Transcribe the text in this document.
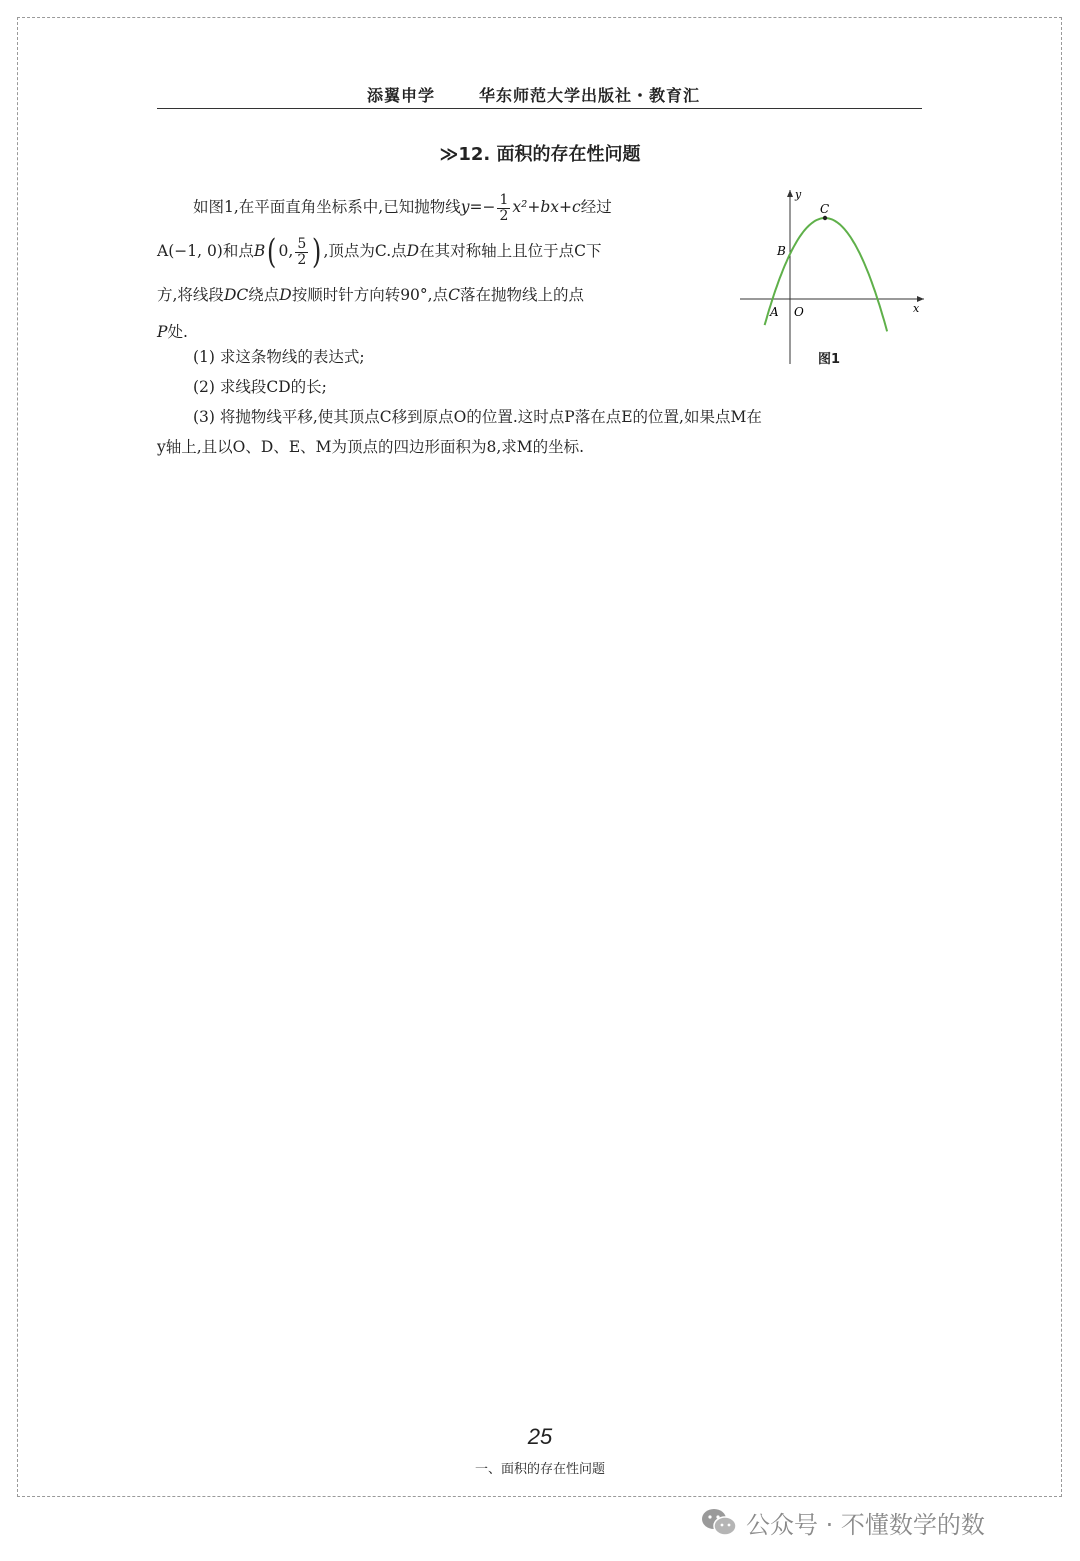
添翼申学	华东师范大学出版社・教育汇
≫12. 面积的存在性问题
如图1,在平面直角坐标系中,已知抛物线 $y =- \frac{1}{2} x^2$ + bx + c 经过
A(−1, 0)和点 B ( 0, $\frac{5}{2}$ ) ,顶点为C.点 D 在其对称轴上且位于点C下
方,将线段 DC 绕点 D 按顺时针方向转90°,点 C 落在抛物线上的点
P 处.
(1) 求这条物线的表达式;
(2) 求线段CD的长;
(3) 将抛物线平移,使其顶点C移到原点O的位置.这时点P落在点E的位置,如果点M在
y轴上,且以O、D、E、M为顶点的四边形面积为8,求M的坐标.
y
x
C
B
A O
图1
25
一、面积的存在性问题
公众号 · 不懂数学的数
